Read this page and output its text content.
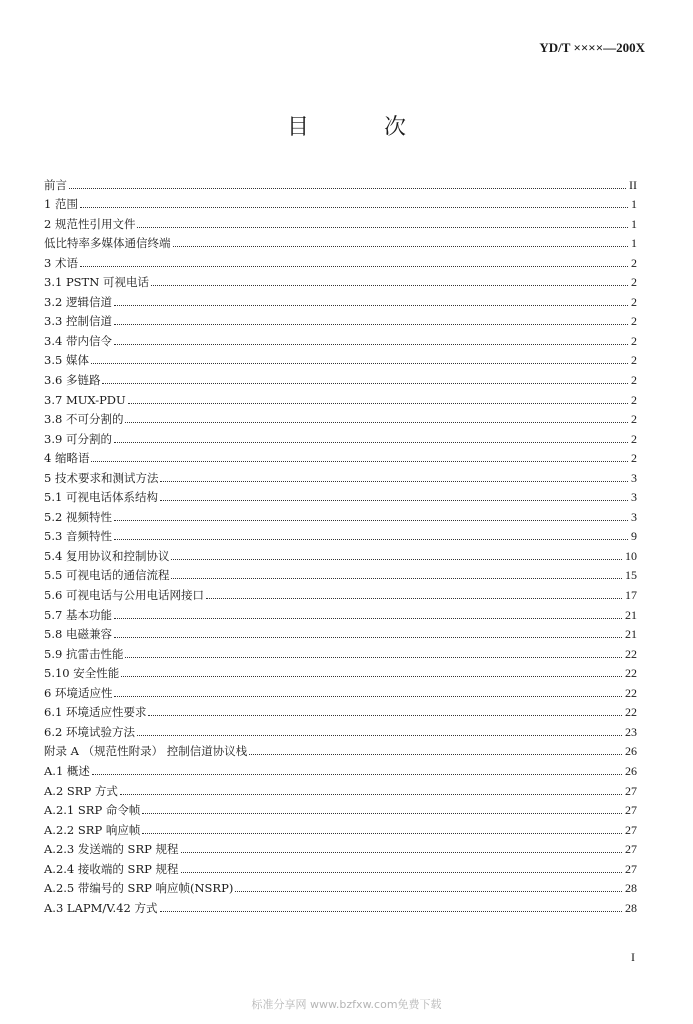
YD/T ××××—200X
目 次
前言	II
1 范围	1
2 规范性引用文件	1
低比特率多媒体通信终端	1
3 术语	2
3.1 PSTN 可视电话	2
3.2 逻辑信道	2
3.3 控制信道	2
3.4 带内信令	2
3.5 媒体	2
3.6 多链路	2
3.7 MUX-PDU	2
3.8 不可分割的	2
3.9 可分割的	2
4 缩略语	2
5 技术要求和测试方法	3
5.1 可视电话体系结构	3
5.2 视频特性	3
5.3 音频特性	9
5.4 复用协议和控制协议	10
5.5 可视电话的通信流程	15
5.6 可视电话与公用电话网接口	17
5.7 基本功能	21
5.8 电磁兼容	21
5.9 抗雷击性能	22
5.10 安全性能	22
6 环境适应性	22
6.1 环境适应性要求	22
6.2 环境试验方法	23
附录 A （规范性附录） 控制信道协议栈	26
A.1 概述	26
A.2 SRP 方式	27
A.2.1 SRP 命令帧	27
A.2.2 SRP 响应帧	27
A.2.3 发送端的 SRP 规程	27
A.2.4 接收端的 SRP 规程	27
A.2.5 带编号的 SRP 响应帧(NSRP)	28
A.3 LAPM/V.42 方式	28
I
标准分享网 www.bzfxw.com免费下载
